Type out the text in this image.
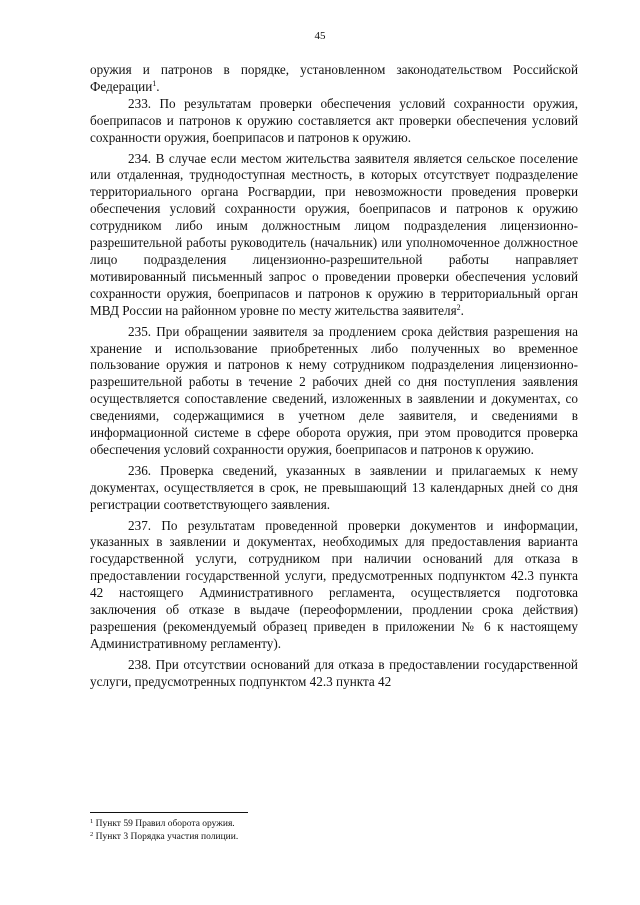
45

оружия и патронов в порядке, установленном законодательством Российской Федерации$^1$.

233. По результатам проверки обеспечения условий сохранности оружия, боеприпасов и патронов к оружию составляется акт проверки обеспечения условий сохранности оружия, боеприпасов и патронов к оружию.

234. В случае если местом жительства заявителя является сельское поселение или отдаленная, труднодоступная местность, в которых отсутствует подразделение территориального органа Росгвардии, при невозможности проведения проверки обеспечения условий сохранности оружия, боеприпасов и патронов к оружию сотрудником либо иным должностным лицом подразделения лицензионно-разрешительной работы руководитель (начальник) или уполномоченное должностное лицо подразделения лицензионно-разрешительной работы направляет мотивированный письменный запрос о проведении проверки обеспечения условий сохранности оружия, боеприпасов и патронов к оружию в территориальный орган МВД России на районном уровне по месту жительства заявителя$^2$.

235. При обращении заявителя за продлением срока действия разрешения на хранение и использование приобретенных либо полученных во временное пользование оружия и патронов к нему сотрудником подразделения лицензионно-разрешительной работы в течение 2 рабочих дней со дня поступления заявления осуществляется сопоставление сведений, изложенных в заявлении и документах, со сведениями, содержащимися в учетном деле заявителя, и сведениями в информационной системе в сфере оборота оружия, при этом проводится проверка обеспечения условий сохранности оружия, боеприпасов и патронов к оружию.

236. Проверка сведений, указанных в заявлении и прилагаемых к нему документах, осуществляется в срок, не превышающий 13 календарных дней со дня регистрации соответствующего заявления.

237. По результатам проведенной проверки документов и информации, указанных в заявлении и документах, необходимых для предоставления варианта государственной услуги, сотрудником при наличии оснований для отказа в предоставлении государственной услуги, предусмотренных подпунктом 42.3 пункта 42 настоящего Административного регламента, осуществляется подготовка заключения об отказе в выдаче (переоформлении, продлении срока действия) разрешения (рекомендуемый образец приведен в приложении № 6 к настоящему Административному регламенту).

238. При отсутствии оснований для отказа в предоставлении государственной услуги, предусмотренных подпунктом 42.3 пункта 42

$^1$ Пункт 59 Правил оборота оружия.
$^2$ Пункт 3 Порядка участия полиции.
